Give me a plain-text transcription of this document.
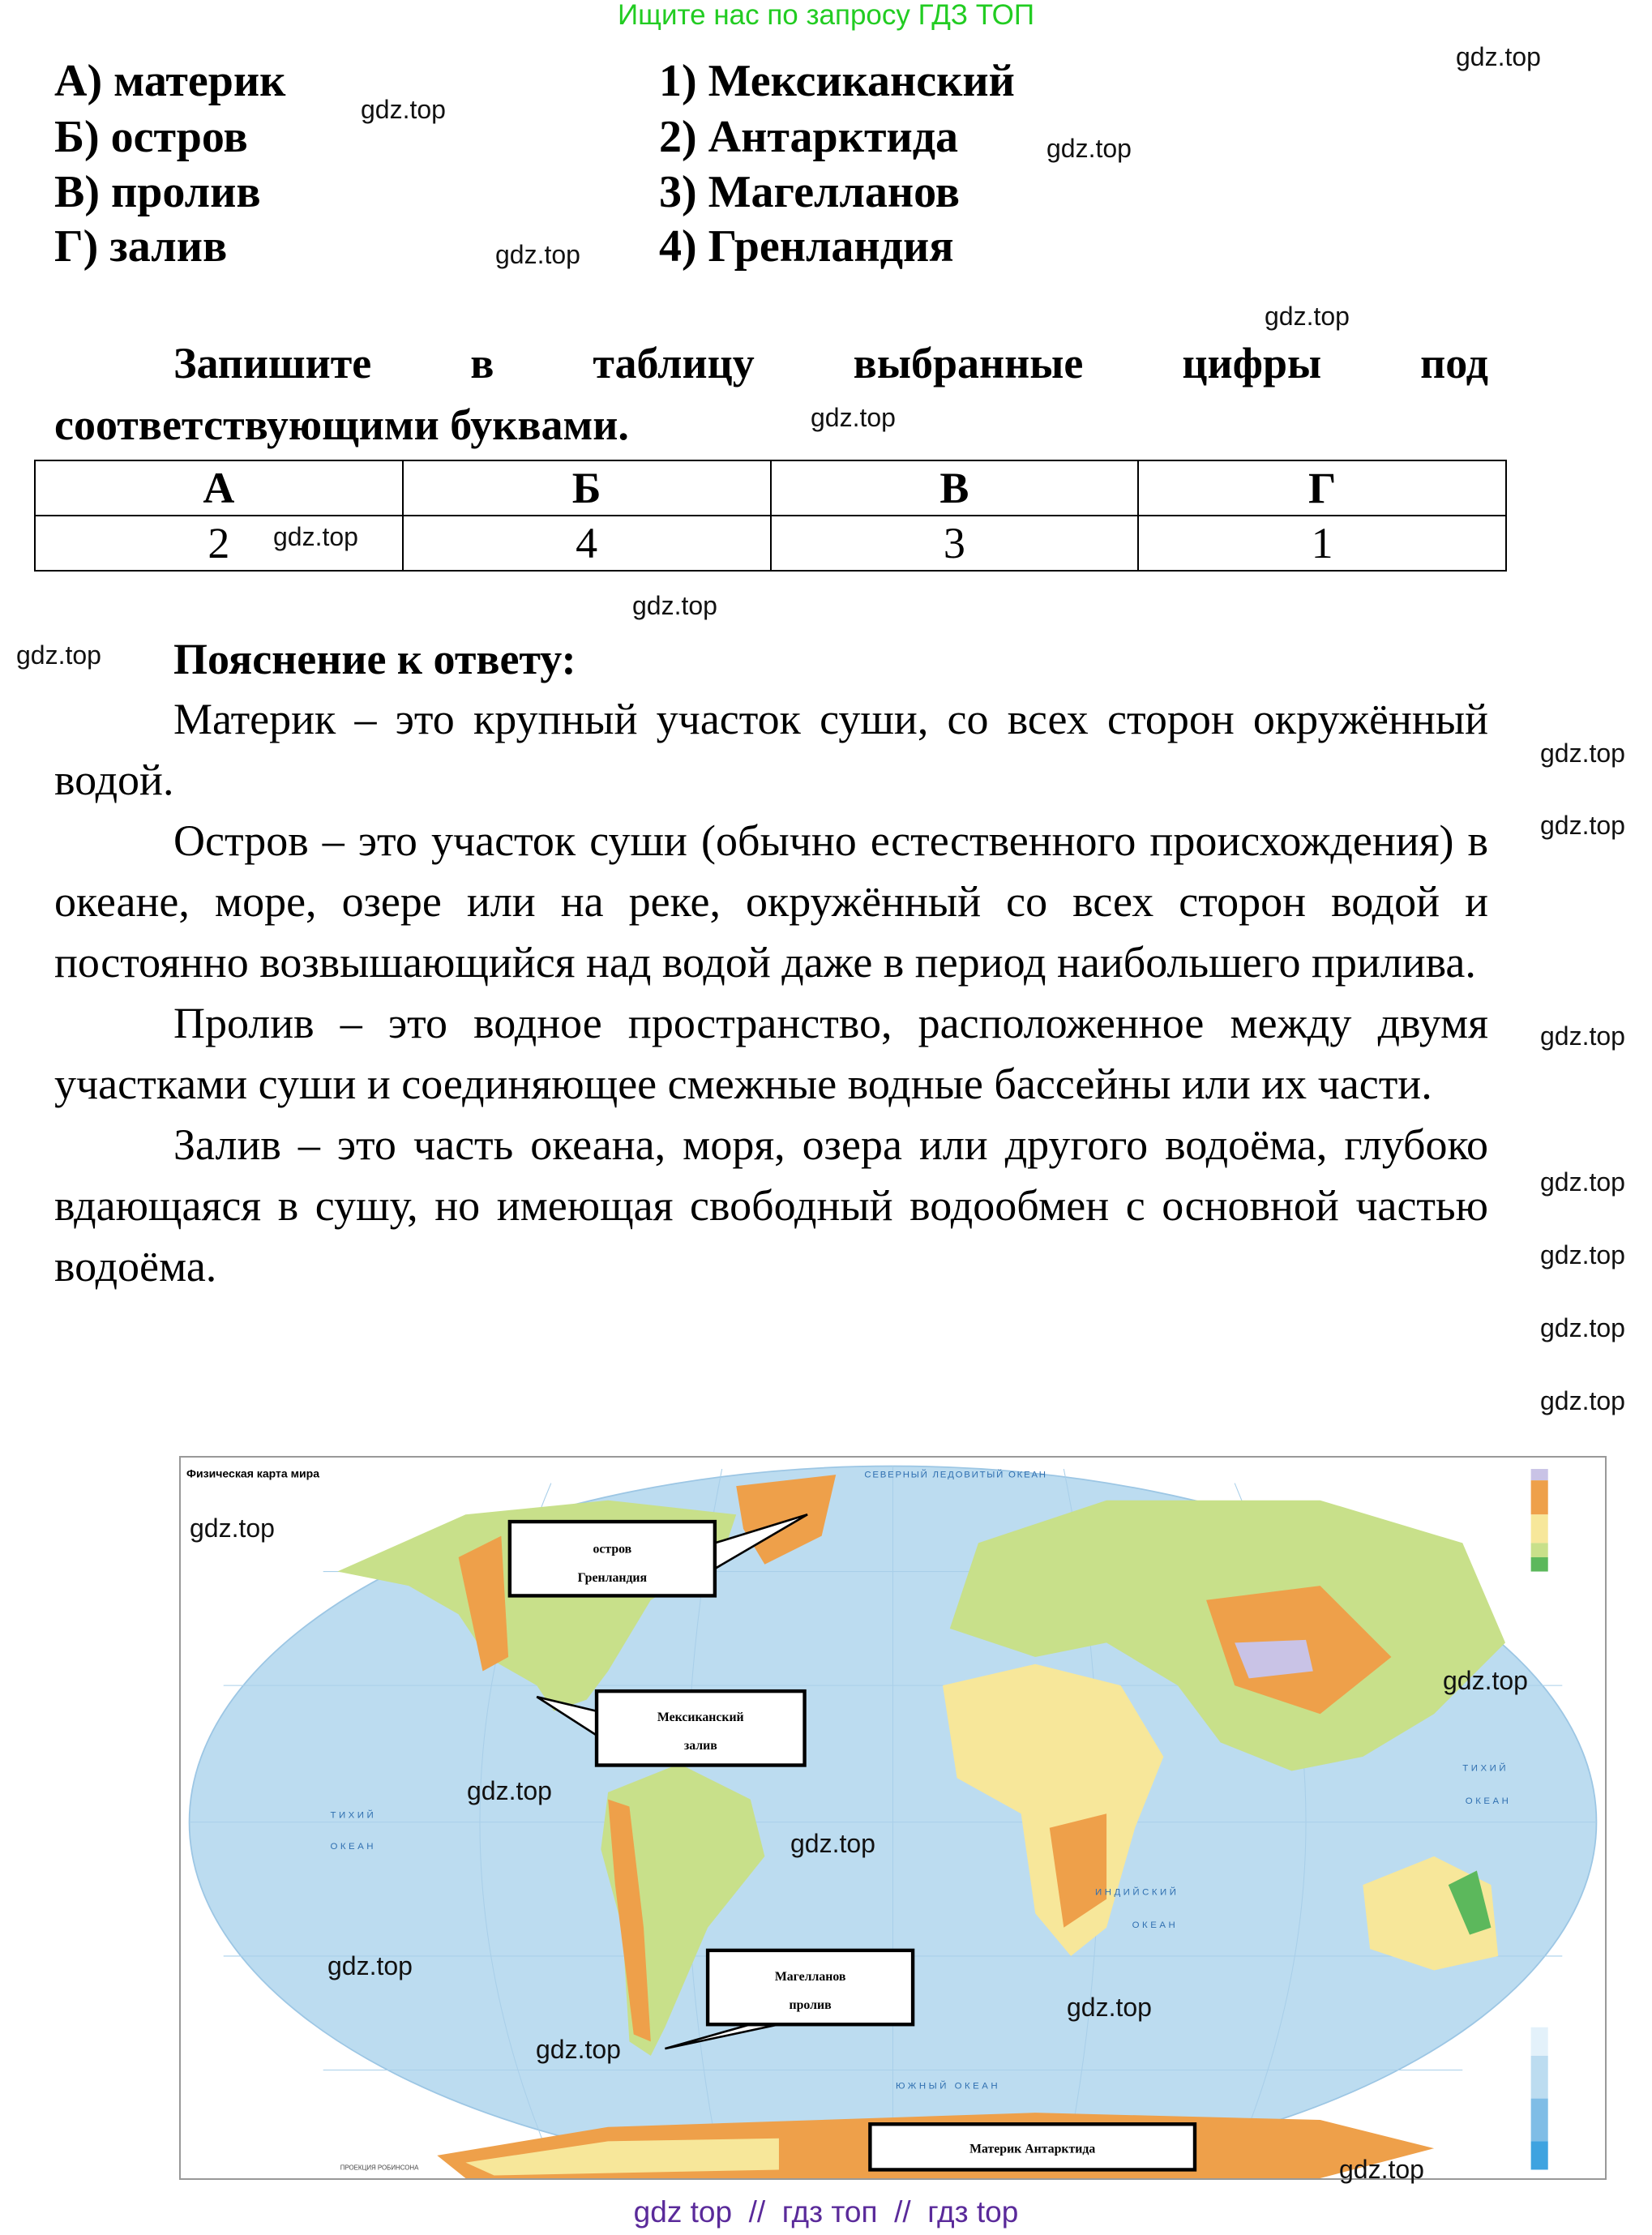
Ищите нас по запросу ГДЗ ТОП
А) материк
Б) остров
В) пролив
Г) залив
1) Мексиканский
2) Антарктида
3) Магелланов
4) Гренландия
Запишите в таблицу выбранные цифры под
соответствующими буквами.
А	Б	В	Г
2	4	3	1
Пояснение к ответу:

Материк – это крупный участок суши, со всех сторон окружённый водой.

Остров – это участок суши (обычно естественного происхождения) в океане, море, озере или на реке, окружённый со всех сторон водой и постоянно возвышающийся над водой даже в период наибольшего прилива.

Пролив – это водное пространство, расположенное между двумя участками суши и соединяющее смежные водные бассейны или их части.

Залив – это часть океана, моря, озера или другого водоёма, глубоко вдающаяся в сушу, но имеющая свободный водообмен с основной частью водоёма.

Физическая карта мира	СЕВЕРНЫЙ ЛЕДОВИТЫЙ ОКЕАН
ТИХИЙ
ОКЕАН
ТИХИЙ
ОКЕАН
ИНДИЙСКИЙ
ОКЕАН
ЮЖНЫЙ ОКЕАН
ПРОЕКЦИЯ РОБИНСОНА
остров
Гренландия
Мексиканский
залив
Магелланов
пролив
Материк Антарктида
gdz.top
gdz.top
gdz.top
gdz.top
gdz.top
gdz.top
gdz.top
gdz.top
gdz.top
gdz.top
gdz.top
gdz.top
gdz.top
gdz.top
gdz.top
gdz.top
gdz.top
gdz.top
gdz.top
gdz.top
gdz.top
gdz.top
gdz.top
gdz.top
gdz top  //  гдз топ  //  гдз top
